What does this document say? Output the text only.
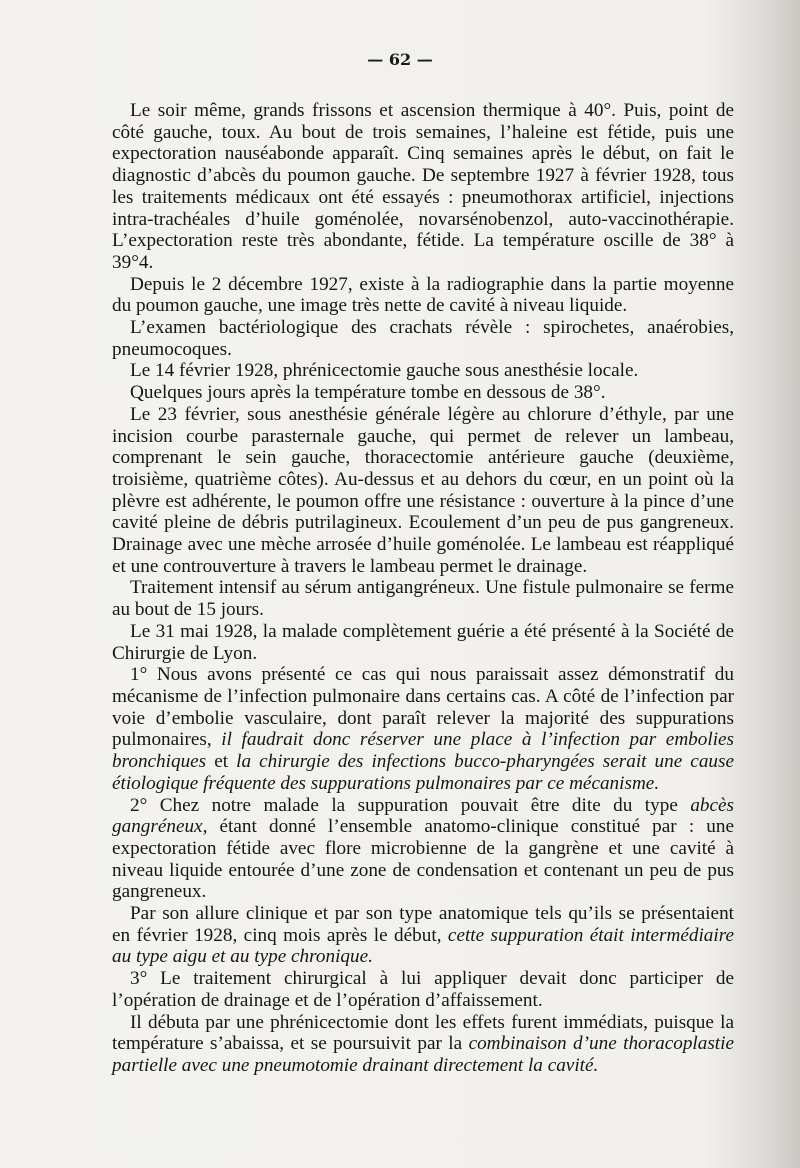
— 62 —

Le soir même, grands frissons et ascension thermique à 40°. Puis, point de côté gauche, toux. Au bout de trois semaines, l’haleine est fétide, puis une expectoration nauséabonde apparaît. Cinq semaines après le début, on fait le diagnostic d’abcès du poumon gauche. De septembre 1927 à février 1928, tous les traitements médicaux ont été essayés : pneumothorax artificiel, injections intra-trachéales d’huile goménolée, novarsénobenzol, auto-vaccinothérapie. L’expectoration reste très abondante, fétide. La température oscille de 38° à 39°4.

Depuis le 2 décembre 1927, existe à la radiographie dans la partie moyenne du poumon gauche, une image très nette de cavité à niveau liquide.

L’examen bactériologique des crachats révèle : spirochetes, anaérobies, pneumocoques.

Le 14 février 1928, phrénicectomie gauche sous anesthésie locale.

Quelques jours après la température tombe en dessous de 38°.

Le 23 février, sous anesthésie générale légère au chlorure d’éthyle, par une incision courbe parasternale gauche, qui permet de relever un lambeau, comprenant le sein gauche, thoracectomie antérieure gauche (deuxième, troisième, quatrième côtes). Au-dessus et au dehors du cœur, en un point où la plèvre est adhérente, le poumon offre une résistance : ouverture à la pince d’une cavité pleine de débris putrilagineux. Ecoulement d’un peu de pus gangreneux. Drainage avec une mèche arrosée d’huile goménolée. Le lambeau est réappliqué et une controuverture à travers le lambeau permet le drainage.

Traitement intensif au sérum antigangréneux. Une fistule pulmonaire se ferme au bout de 15 jours.

Le 31 mai 1928, la malade complètement guérie a été présenté à la Société de Chirurgie de Lyon.

1° Nous avons présenté ce cas qui nous paraissait assez démonstratif du mécanisme de l’infection pulmonaire dans certains cas. A côté de l’infection par voie d’embolie vasculaire, dont paraît relever la majorité des suppurations pulmonaires, il faudrait donc réserver une place à l’infection par embolies bronchiques et la chirurgie des infections bucco-pharyngées serait une cause étiologique fréquente des suppurations pulmonaires par ce mécanisme.

2° Chez notre malade la suppuration pouvait être dite du type abcès gangréneux, étant donné l’ensemble anatomo-clinique constitué par : une expectoration fétide avec flore microbienne de la gangrène et une cavité à niveau liquide entourée d’une zone de condensation et contenant un peu de pus gangreneux.

Par son allure clinique et par son type anatomique tels qu’ils se présentaient en février 1928, cinq mois après le début, cette suppuration était intermédiaire au type aigu et au type chronique.

3° Le traitement chirurgical à lui appliquer devait donc participer de l’opération de drainage et de l’opération d’affaissement.

Il débuta par une phrénicectomie dont les effets furent immédiats, puisque la température s’abaissa, et se poursuivit par la combinaison d’une thoracoplastie partielle avec une pneumotomie drainant directement la cavité.
